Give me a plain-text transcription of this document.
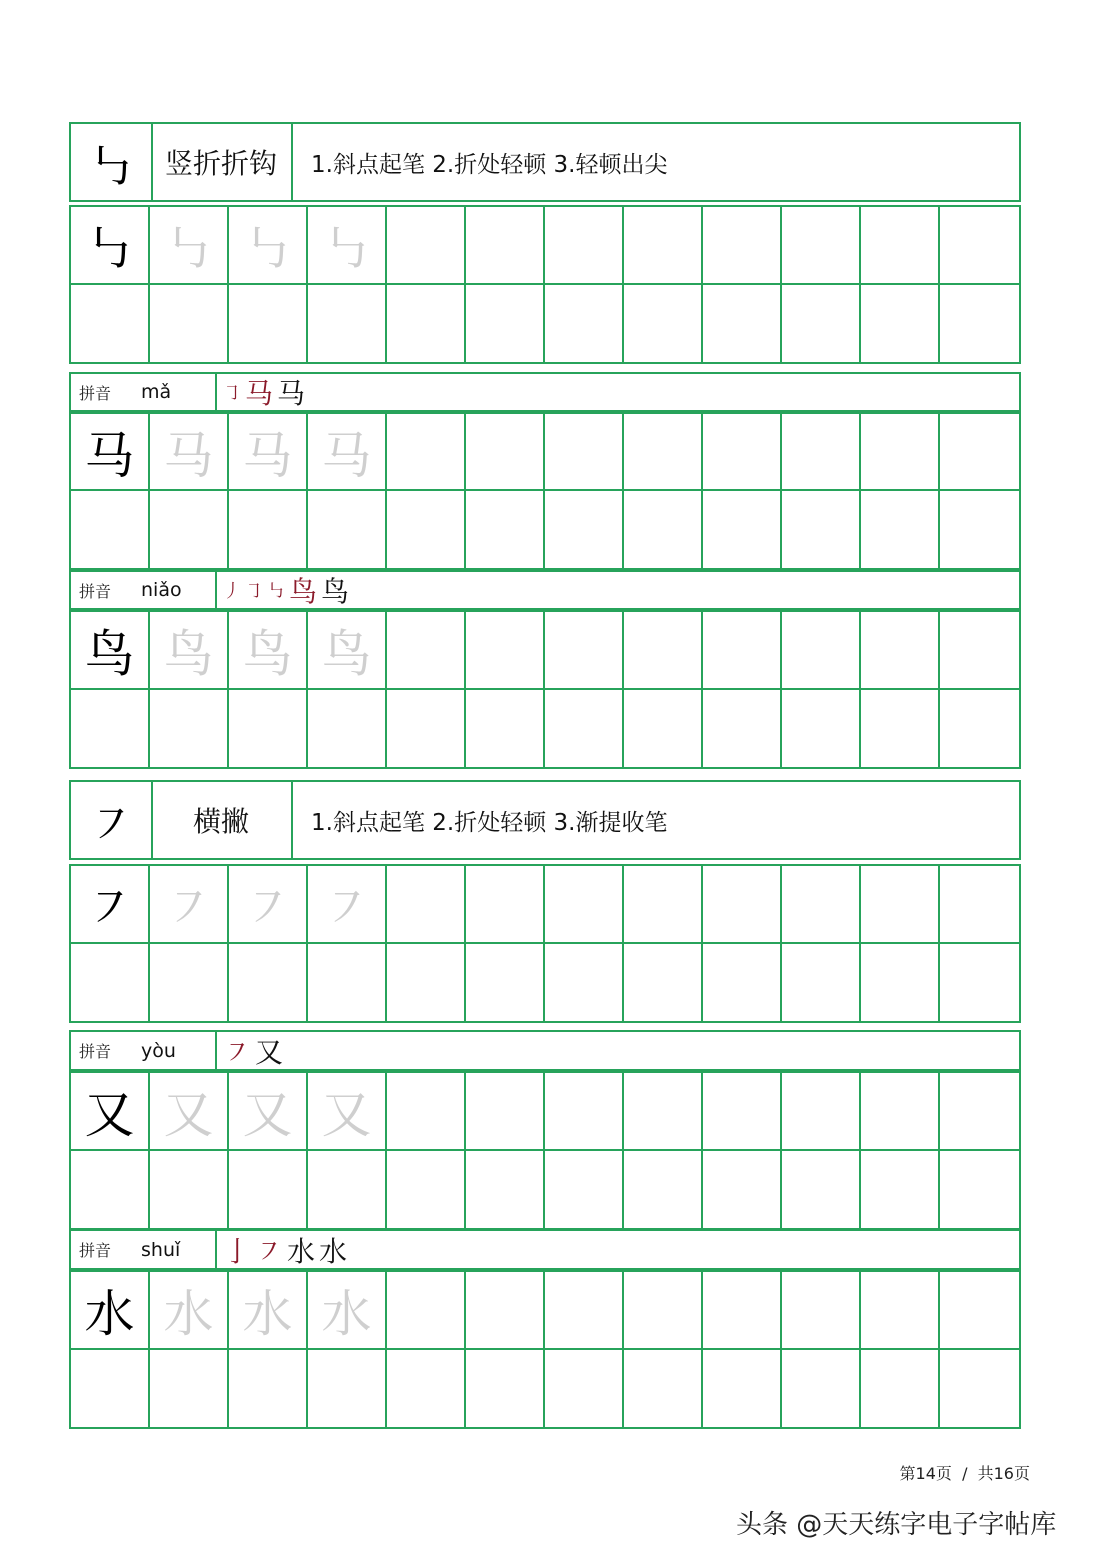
㇉	竖折折钩	1.斜点起笔 2.折处轻顿 3.轻顿出尖
㇉ ㇉ ㇉ ㇉
拼音 mǎ	㇆ 马 马
马 马 马 马
拼音 niǎo 丿 ㇆ ㇉ 鸟 鸟
鸟 鸟 鸟 鸟
㇇	横撇	1.斜点起笔 2.折处轻顿 3.渐提收笔
㇇ ㇇ ㇇ ㇇
拼音 yòu ㇇ 又
又 又 又 又
拼音 shuǐ 亅 ㇇ 水 水
水 水 水 水
第14页  /  共16页
头条 @天天练字电子字帖库
